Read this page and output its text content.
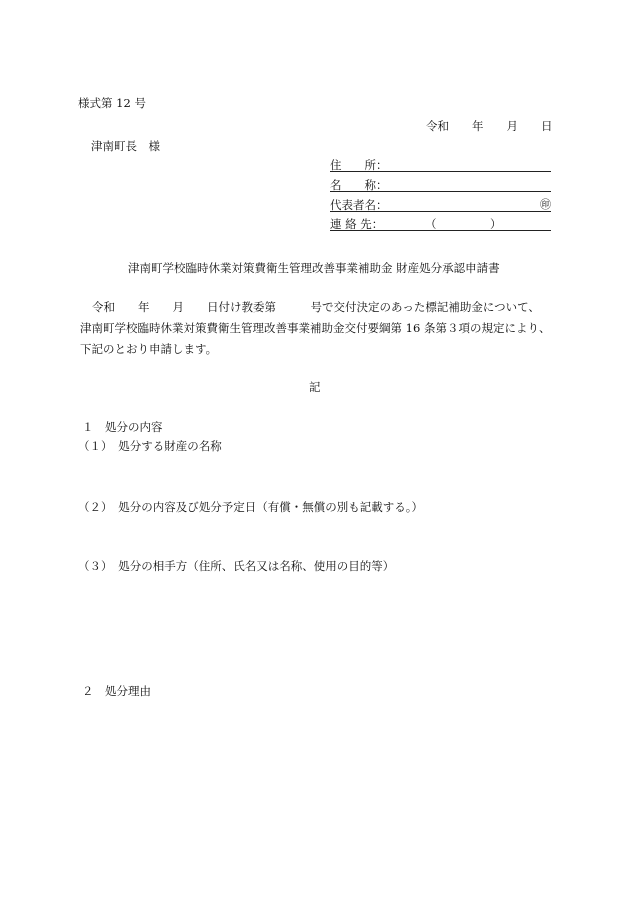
様式第 12 号
令和　　年　　月　　日
津南町長　様
住　　所：
名　　称：
代表者名：	㊞
連 絡 先：	（	）
津南町学校臨時休業対策費衛生管理改善事業補助金 財産処分承認申請書
令和　　年　　月　　日付け教委第　　　号で交付決定のあった標記補助金について、
津南町学校臨時休業対策費衛生管理改善事業補助金交付要綱第 16 条第３項の規定により、
下記のとおり申請します。
記
１　処分の内容
（１）　処分する財産の名称
（２）　処分の内容及び処分予定日（有償・無償の別も記載する。）
（３）　処分の相手方（住所、氏名又は名称、使用の目的等）
２　処分理由
